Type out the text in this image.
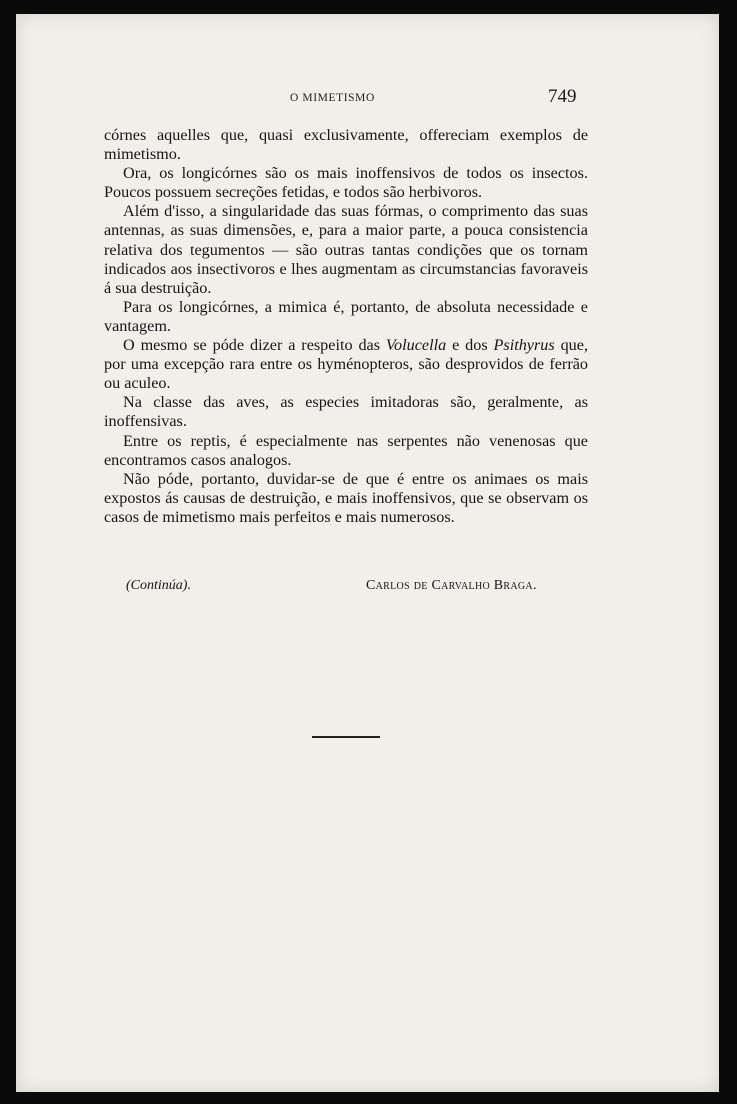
O MIMETISMO	749

córnes aquelles que, quasi exclusivamente, offereciam exemplos de mimetismo.

Ora, os longicórnes são os mais inoffensivos de todos os insectos. Poucos possuem secreções fetidas, e todos são herbivoros.

Além d'isso, a singularidade das suas fórmas, o comprimento das suas antennas, as suas dimensões, e, para a maior parte, a pouca consistencia relativa dos tegumentos — são outras tantas condições que os tornam indicados aos insectivoros e lhes augmentam as circumstancias favoraveis á sua destruição.

Para os longicórnes, a mimica é, portanto, de absoluta necessidade e vantagem.

O mesmo se póde dizer a respeito das Volucella e dos Psithyrus que, por uma excepção rara entre os hyménopteros, são desprovidos de ferrão ou aculeo.

Na classe das aves, as especies imitadoras são, geralmente, as inoffensivas.

Entre os reptis, é especialmente nas serpentes não venenosas que encontramos casos analogos.

Não póde, portanto, duvidar-se de que é entre os animaes os mais expostos ás causas de destruição, e mais inoffensivos, que se observam os casos de mimetismo mais perfeitos e mais numerosos.

(Continúa).	Carlos de Carvalho Braga.
